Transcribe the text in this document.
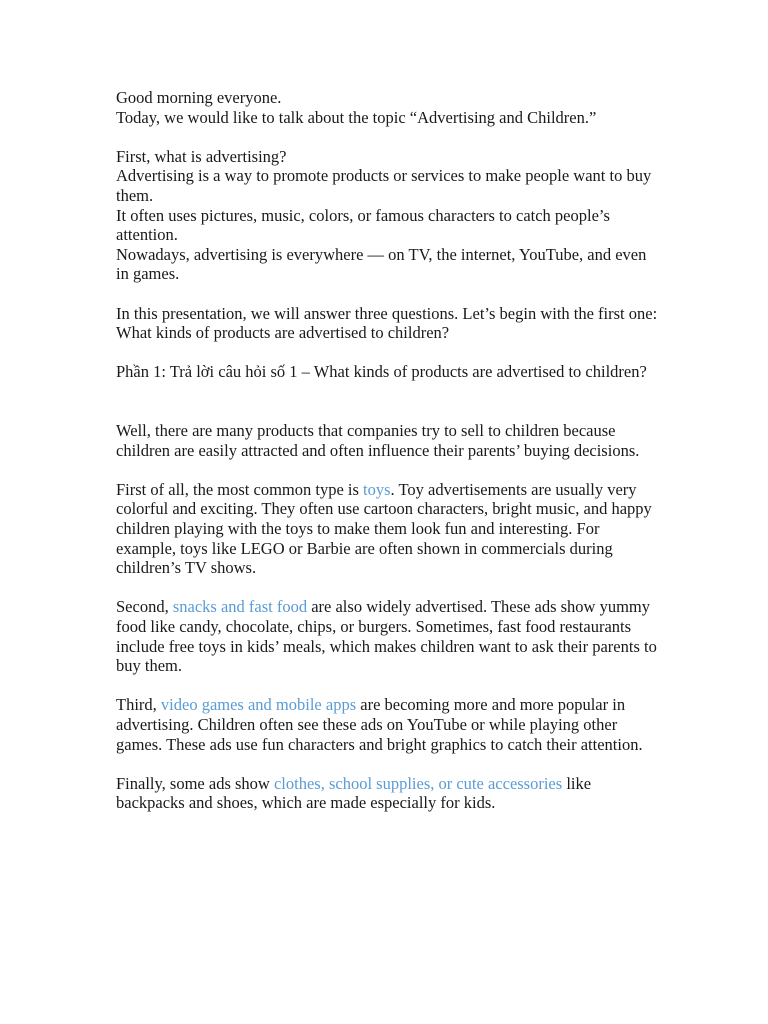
Good morning everyone.

Today, we would like to talk about the topic “Advertising and Children.”

First, what is advertising?

Advertising is a way to promote products or services to make people want to buy them.

It often uses pictures, music, colors, or famous characters to catch people’s attention.

Nowadays, advertising is everywhere — on TV, the internet, YouTube, and even in games.

In this presentation, we will answer three questions. Let’s begin with the first one:

What kinds of products are advertised to children?

Phần 1: Trả lời câu hỏi số 1 – What kinds of products are advertised to children?

Well, there are many products that companies try to sell to children because children are easily attracted and often influence their parents’ buying decisions.

First of all, the most common type is toys. Toy advertisements are usually very colorful and exciting. They often use cartoon characters, bright music, and happy children playing with the toys to make them look fun and interesting. For example, toys like LEGO or Barbie are often shown in commercials during children’s TV shows.

Second, snacks and fast food are also widely advertised. These ads show yummy food like candy, chocolate, chips, or burgers. Sometimes, fast food restaurants include free toys in kids’ meals, which makes children want to ask their parents to buy them.

Third, video games and mobile apps are becoming more and more popular in advertising. Children often see these ads on YouTube or while playing other games. These ads use fun characters and bright graphics to catch their attention.

Finally, some ads show clothes, school supplies, or cute accessories like backpacks and shoes, which are made especially for kids.
